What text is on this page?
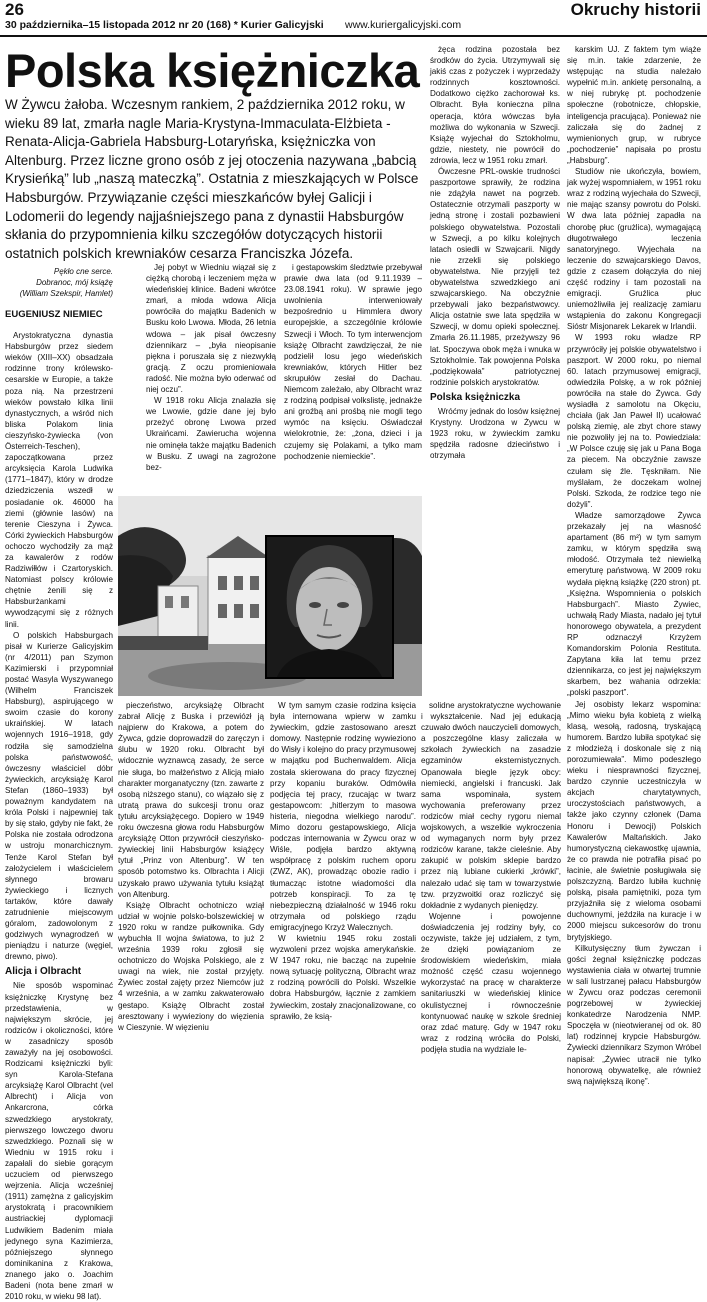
26
30 października–15 listopada 2012 nr 20 (168) * Kurier Galicyjski www.kuriergalicyjski.com
Okruchy historii
Polska księżniczka
W Żywcu żałoba. Wczesnym rankiem, 2 października 2012 roku, w wieku 89 lat, zmarła nagle Maria-Krystyna-Immaculata-Elżbieta - Renata-Alicja-Gabriela Habsburg-Lotaryńska, księżniczka von Altenburg. Przez liczne grono osób z jej otoczenia nazywana „babcią Krysieńką” lub „naszą mateczką”. Ostatnia z mieszkających w Polsce Habsburgów. Przywiązanie części mieszkańców byłej Galicji i Lodomerii do legendy najjaśniejszego pana z dynastii Habsburgów skłania do przypomnienia kilku szczegółów dotyczących historii ostatnich polskich krewniaków cesarza Franciszka Józefa.
Pękło cne serce.
Dobranoc, mój książę
(William Szekspir, Hamlet)
EUGENIUSZ NIEMIEC

Arystokratyczna dynastia Habsburgów przez siedem wieków (XIII–XX) obsadzała rodzinne trony królewsko-cesarskie w Europie, a także poza nią. Na przestrzeni wieków powstało kilka linii dynastycznych, a wśród nich bliska Polakom linia cieszyńsko-żywiecka (von Österreich-Teschen), zapoczątkowana przez arcyksięcia Karola Ludwika (1771–1847), który w drodze dziedziczenia wszedł w posiadanie ok. 46000 ha ziemi (głównie lasów) na terenie Cieszyna i Żywca. Córki żywieckich Habsburgów ochoczo wychodziły za mąż za kawalerów z rodów Radziwiłłów i Czartoryskich. Natomiast polscy królowie chętnie żenili się z Habsburżankami wywodzącymi się z różnych linii.

O polskich Habsburgach pisał w Kurierze Galicyjskim (nr 4/2011) pan Szymon Kazimierski i przypomniał postać Wasyla Wyszywanego (Wilhelm Franciszek Habsburg), aspirującego w swoim czasie do korony ukraińskiej. W latach wojennych 1916–1918, gdy rodziła się samodzielna polska państwowość, ówczesny właściciel dóbr żywieckich, arcyksiążę Karol Stefan (1860–1933) był poważnym kandydatem na króla Polski i najpewniej tak by się stało, gdyby nie fakt, że Polska nie została odrodzona w ustroju monarchicznym. Tenże Karol Stefan był założycielem i właścicielem słynnego browaru żywieckiego i licznych tartaków, które dawały zatrudnienie miejscowym góralom, zadowolonym z godziwych wynagrodzeń w pieniądzu i naturze (węgiel, drewno, piwo).

Alicja i Olbracht

Nie sposób wspominać księżniczkę Krystynę bez przedstawienia, w największym skrócie, jej rodziców i okoliczności, które w zasadniczy sposób zaważyły na jej osobowości. Rodzicami księżniczki byli: syn Karola-Stefana arcyksiążę Karol Olbracht (vel Albrecht) i Alicja von Ankarcrona, córka szwedzkiego arystokraty, pierwszego lowczego dworu szwedzkiego. Poznali się w Wiedniu w 1915 roku i zapałali do siebie gorącym uczuciem od pierwszego wejrzenia. Alicja wcześniej (1911) zamężna z galicyjskim arystokratą i pracownikiem austriackiej dyplomacji Ludwikiem Badenim miała jedynego syna Kazimierza, późniejszego słynnego dominikanina z Krakowa, znanego jako o. Joachim Badeni (nota bene zmarł w 2010 roku, w wieku 98 lat).

Jej pobyt w Wiedniu wiązał się z ciężką chorobą i leczeniem męża w wiedeńskiej klinice. Badeni wkrótce zmarł, a młoda wdowa Alicja powróciła do majątku Badenich w Busku koło Lwowa. Młoda, 26 letnia wdowa – jak pisał ówczesny dziennikarz – „była nieopisanie piękna i poruszała się z niezwykłą gracją. Z oczu promieniowała radość. Nie można było oderwać od niej oczu”.

W 1918 roku Alicja znalazła się we Lwowie, gdzie dane jej było przeżyć obronę Lwowa przed Ukraińcami. Zawierucha wojenna nie ominęła także majątku Badenich w Busku. Z uwagi na zagrożone bez-

i gestapowskim śledztwie przebywał prawie dwa lata (od 9.11.1939 –23.08.1941 roku). W sprawie jego uwolnienia interweniowały bezpośrednio u Himmlera dwory europejskie, a szczególnie królowie Szwecji i Włoch. To tym interwencjom książę Olbracht zawdzięczał, że nie podzielił losu jego wiedeńskich krewniaków, których Hitler bez skrupułów zesłał do Dachau. Niemcom zależało, aby Olbracht wraz z rodziną podpisał volkslistę, jednakże ani groźbą ani prośbą nie mogli tego wymóc na księciu. Oświadczał wielokrotnie, że: „żona, dzieci i ja czujemy się Polakami, a tylko mam pochodzenie niemieckie”.

żęca rodzina pozostała bez środków do życia. Utrzymywali się jakiś czas z pożyczek i wyprzedaży rodzinnych kosztowności. Dodatkowo ciężko zachorował ks. Olbracht. Była konieczna pilna operacja, która wówczas była możliwa do wykonania w Szwecji. Książę wyjechał do Sztokholmu, gdzie, niestety, nie powrócił do zdrowia, lecz w 1951 roku zmarł.

Ówczesne PRL-owskie trudności paszportowe sprawiły, że rodzina nie zdążyła nawet na pogrzeb. Ostatecznie otrzymali paszporty w jedną stronę i zostali pozbawieni polskiego obywatelstwa. Pozostali w Szwecji, a po kilku kolejnych latach osiedli w Szwajcarii. Nigdy nie zrzekli się polskiego obywatelstwa. Nie przyjęli też obywatelstwa szwedzkiego ani szwajcarskiego. Na obczyźnie przebywali jako bezpaństwowcy. Alicja ostatnie swe lata spędziła w Szwecji, w domu opieki społecznej. Zmarła 26.11.1985, przeżywszy 96 lat. Spoczywa obok męża i wnuka w Sztokholmie. Tak powojenna Polska „podziękowała” patriotycznej rodzinie polskich arystokratów.

Polska księżniczka

Wróćmy jednak do losów księżnej Krystyny. Urodzona w Żywcu w 1923 roku, w żywieckim zamku spędziła radosne dzieciństwo i otrzymała

karskim UJ. Z faktem tym wiąże się m.in. takie zdarzenie, że wstępując na studia należało wypełnić m.in. ankietę personalną, a w niej rubrykę pt. pochodzenie społeczne (robotnicze, chłopskie, inteligencja pracująca). Ponieważ nie zaliczała się do żadnej z wymienionych grup, w rubryce „pochodzenie” napisała po prostu „Habsburg”.

Studiów nie ukończyła, bowiem, jak wyżej wspomniałem, w 1951 roku wraz z rodziną wyjechała do Szwecji, nie mając szansy powrotu do Polski. W dwa lata później zapadła na chorobę płuc (grużlica), wymagającą długotrwałego leczenia sanatoryjnego. Wyjechała na leczenie do szwajcarskiego Davos, gdzie z czasem dołączyła do niej część rodziny i tam pozostali na emigracji. Gruźlica płuc uniemożliwiła jej realizację zamiaru wstąpienia do zakonu Kongregacji Sióstr Misjonarek Lekarek w Irlandii.

W 1993 roku władze RP przywróciły jej polskie obywatelstwo i paszport. W 2000 roku, po niemal 60. latach przymusowej emigracji, odwiedziła Polskę, a w rok później powróciła na stałe do Żywca. Gdy wysiadła z samolotu na Okęciu, chciała (jak Jan Paweł II) ucałować polską ziemię, ale zbyt chore stawy nie pozwoliły jej na to. Powiedziała: „W Polsce czuję się jak u Pana Boga za piecem. Na obczyźnie zawsze czułam się źle. Tęskniłam. Nie myślałam, że doczekam wolnej Polski. Szkoda, że rodzice tego nie dożyli”.

Władze samorządowe Żywca przekazały jej na własność apartament (86 m²) w tym samym zamku, w którym spędziła swą młodość. Otrzymała też niewielką emeryturę państwową. W 2009 roku wydała piękną książkę (220 stron) pt. „Księżna. Wspomnienia o polskich Habsburgach”. Miasto Żywiec, uchwałą Rady Miasta, nadało jej tytuł honorowego obywatela, a prezydent RP odznaczył Krzyżem Komandorskim Polonia Restituta. Zapytana kiła lat temu przez dziennikarza, co jest jej największym skarbem, bez wahania odrzekła: „polski paszport”.

Jej osobisty lekarz wspomina: „Mimo wieku była kobietą z wielką klasą, wesołą, radosną, tryskającą humorem. Bardzo lubiła spotykać się z młodzieżą i doskonale się z nią porozumiewała”. Mimo podeszłego wieku i niesprawności fizycznej, bardzo czynnie uczestniczyła w akcjach charytatywnych, uroczystościach państwowych, a także jako czynny członek (Dama Honoru i Dewocji) Polskich Kawalerów Maltańskich. Jako humorystyczną ciekawostkę ujawnia, że co prawda nie potrafiła pisać po łacinie, ale świetnie posługiwała się polszczyzną. Bardzo lubiła kuchnię polską, pisała pamiętniki, poza tym przyjaźniła się z wieloma osobami duchownymi, jeździła na kuracje i w 2000 miejscu sukcesorów do tronu brytyjskiego.

Kilkutysięczny tłum żywczan i gości żegnał księżniczkę podczas wystawienia ciała w otwartej trumnie w sali lustrzanej pałacu Habsburgów w Żywcu oraz podczas ceremonii pogrzebowej w żywieckiej konkatedrze Narodzenia NMP. Spoczęła w (nieotwieranej od ok. 80 lat) rodzinnej krypcie Habsburgów. Żywiecki dziennikarz Szymon Wróbel napisał: „Żywiec utracił nie tylko honorową obywatelkę, ale również swą największą ikonę”.

pieczeństwo, arcyksiążę Olbracht zabrał Alicję z Buska i przewiózł ją najpierw do Krakowa, a potem do Żywca, gdzie doprowadził do zaręczyn i ślubu w 1920 roku. Olbracht był widocznie wyznawcą zasady, że serce nie sługa, bo małżeństwo z Alicją miało charakter morganatyczny (tzn. zawarte z osobą niższego stanu), co wiązało się z utratą prawa do sukcesji tronu oraz tytułu arcyksiążęcego. Dopiero w 1949 roku ówczesna głowa rodu Habsburgów arcyksiążę Otton przywrócił cieszyńsko-żywieckiej linii Habsburgów książęcy tytuł „Prinz von Altenburg”. W ten sposób potomstwo ks. Olbrachta i Alicji uzyskało prawo używania tytułu książąt von Altenburg.

Książę Olbracht ochotniczo wziął udział w wojnie polsko-bolszewickiej w 1920 roku w randze pułkownika. Gdy wybuchła II wojna światowa, to już 2 września 1939 roku zgłosił się ochotniczo do Wojska Polskiego, ale z uwagi na wiek, nie został przyjęty. Żywiec został zajęty przez Niemców już 4 września, a w zamku zakwaterowało gestapo. Książę Olbracht został aresztowany i wywieziony do więzienia w Cieszynie. W więzieniu

W tym samym czasie rodzina księcia była internowana wpierw w zamku żywieckim, gdzie zastosowano areszt domowy. Następnie rodzinę wywieziono do Wisły i kolejno do pracy przymusowej w majątku pod Buchenwaldem. Alicja została skierowana do pracy fizycznej przy kopaniu buraków. Odmówiła podjęcia tej pracy, rzucając w twarz gestapowcom: „hitlerzym to masowa histeria, niegodna wielkiego narodu”. Mimo dozoru gestapowskiego, Alicja podczas internowania w Żywcu oraz w Wiśle, podjęła bardzo aktywną współpracę z polskim ruchem oporu (ZWZ, AK), prowadząc obozie radio i tłumacząc istotne wiadomości dla potrzeb konspiracji. To za tę niebezpieczną działalność w 1946 roku otrzymała od polskiego rządu emigracyjnego Krzyż Walecznych.

W kwietniu 1945 roku zostali wyzwoleni przez wojska amerykańskie. W 1947 roku, nie bacząc na zupełnie nową sytuację polityczną, Olbracht wraz z rodziną powrócili do Polski. Wszelkie dobra Habsburgów, łącznie z zamkiem żywieckim, zostały znacjonalizowane, co sprawiło, że ksią-

solidne arystokratyczne wychowanie i wykształcenie. Nad jej edukacją czuwało dwóch nauczycieli domowych, a poszczególne klasy zaliczała w szkołach żywieckich na zasadzie egzaminów eksternistycznych. Opanowała biegle język obcy: niemiecki, angielski i francuski. Jak sama wspominała, system wychowania preferowany przez rodziców miał cechy rygoru niemal wojskowych, a wszelkie wykroczenia od wymaganych norm były przez rodziców karane, także cieleśnie. Aby zakupić w polskim sklepie bardzo przez nią lubiane cukierki „krówki”, nalezało udać się tam w towarzystwie tzw. przyzwoitki oraz rozliczyć się dokładnie z wydanych pieniędzy.

Wojenne i powojenne doświadczenia jej rodziny były, co oczywiste, także jej udziałem, z tym, że dzięki powiązaniom ze środowiskiem wiedeńskim, miała możność część czasu wojennego wykorzystać na pracę w charakterze sanitariuszki w wiedeńskiej klinice okulistycznej i równocześnie kontynuować naukę w szkole średniej oraz zdać maturę. Gdy w 1947 roku wraz z rodziną wróciła do Polski, podjęła studia na wydziale le-
